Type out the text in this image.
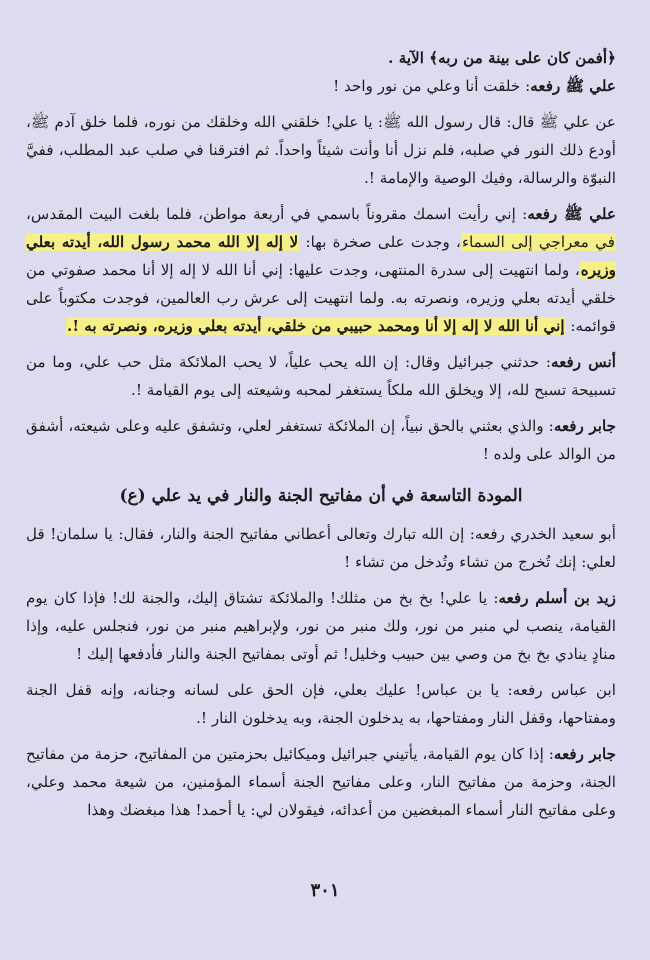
﴿أفمن كان على بينة من ربه﴾ الآية .

علي ﷺ رفعه: خلقت أنا وعلي من نور واحد !

عن علي ﷺ قال: قال رسول الله ﷺ: يا علي! خلقني الله وخلقك من نوره، فلما خلق آدم ﷺ، أودع ذلك النور في صلبه، فلم نزل أنا وأنت شيئاً واحداً. ثم افترقنا في صلب عبد المطلب، ففيَّ النبوّة والرسالة، وفيك الوصية والإمامة !.

علي ﷺ رفعه: إني رأيت اسمك مقروناً باسمي في أربعة مواطن، فلما بلغت البيت المقدس، في معراجي إلى السماء، وجدت على صخرة بها: لا إله إلا الله محمد رسول الله، أيدته بعلي وزيره، ولما انتهيت إلى سدرة المنتهى، وجدت عليها: إني أنا الله لا إله إلا أنا محمد صفوتي من خلقي أيدته بعلي وزيره، ونصرته به. ولما انتهيت إلى عرش رب العالمين، فوجدت مكتوباً على قوائمه: إني أنا الله لا إله إلا أنا ومحمد حبيبي من خلقي، أيدته بعلي وزيره، ونصرته به !.

أنس رفعه: حدثني جبرائيل وقال: إن الله يحب علياً، لا يحب الملائكة مثل حب علي، وما من تسبيحة تسبح لله، إلا ويخلق الله ملكاً يستغفر لمحبه وشيعته إلى يوم القيامة !.

جابر رفعه: والذي بعثني بالحق نبياً، إن الملائكة تستغفر لعلي، وتشفق عليه وعلى شيعته، أشفق من الوالد على ولده !

المودة التاسعة في أن مفاتيح الجنة والنار في يد علي (ع)

أبو سعيد الخدري رفعه: إن الله تبارك وتعالى أعطاني مفاتيح الجنة والنار، فقال: يا سلمان! قل لعلي: إنك تُخرج من تشاء وتُدخل من تشاء !

زيد بن أسلم رفعه: يا علي! بخ بخ من مثلك! والملائكة تشتاق إليك، والجنة لك! فإذا كان يوم القيامة، ينصب لي منبر من نور، ولك منبر من نور، ولإبراهيم منبر من نور، فنجلس عليه، وإذا منادٍ ينادي بخ بخ من وصي بين حبيب وخليل! ثم أوتى بمفاتيح الجنة والنار فأدفعها إليك !

ابن عباس رفعه: يا بن عباس! عليك بعلي، فإن الحق على لسانه وجنانه، وإنه قفل الجنة ومفتاحها، وقفل النار ومفتاحها، به يدخلون الجنة، وبه يدخلون النار !.

جابر رفعه: إذا كان يوم القيامة، يأتيني جبرائيل وميكائيل بحزمتين من المفاتيح، حزمة من مفاتيح الجنة، وحزمة من مفاتيح النار، وعلى مفاتيح الجنة أسماء المؤمنين، من شيعة محمد وعلي، وعلى مفاتيح النار أسماء المبغضين من أعدائه، فيقولان لي: يا أحمد! هذا مبغضك وهذا

٣٠١
